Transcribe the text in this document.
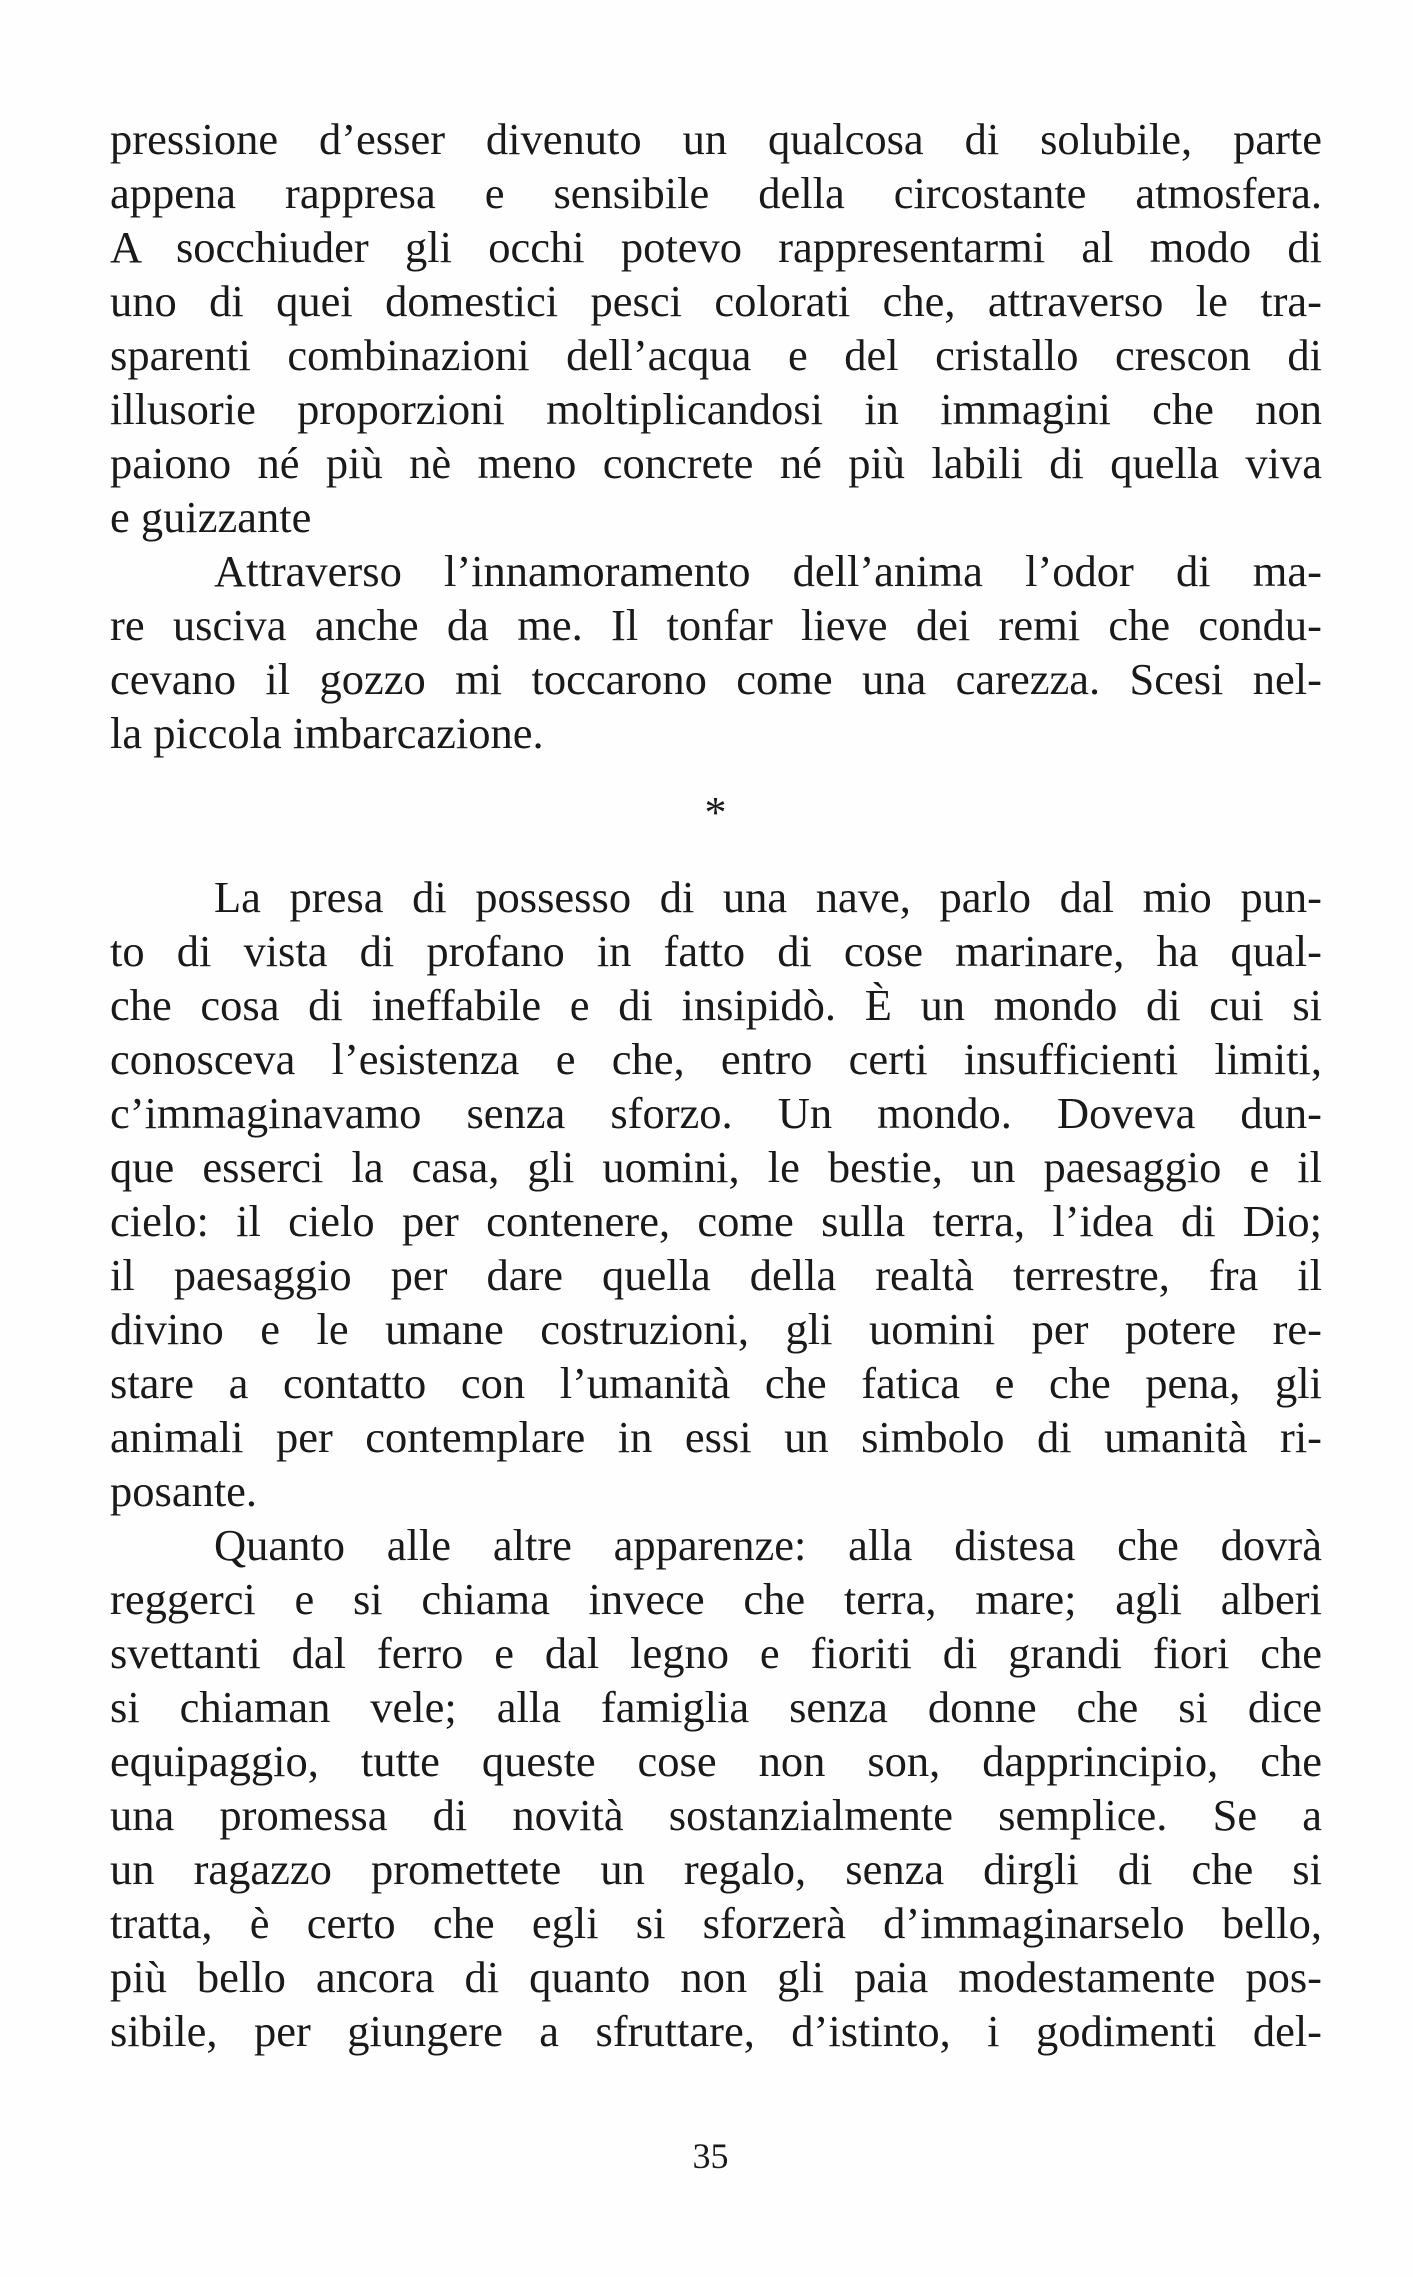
pressione d’esser divenuto un qualcosa di solubile, parte
appena rappresa e sensibile della circostante atmosfera.
A socchiuder gli occhi potevo rappresentarmi al modo di
uno di quei domestici pesci colorati che, attraverso le tra-
sparenti combinazioni dell’acqua e del cristallo crescon di
illusorie proporzioni moltiplicandosi in immagini che non
paiono né più nè meno concrete né più labili di quella viva
e guizzante
Attraverso l’innamoramento dell’anima l’odor di ma-
re usciva anche da me. Il tonfar lieve dei remi che condu-
cevano il gozzo mi toccarono come una carezza. Scesi nel-
la piccola imbarcazione.
*
La presa di possesso di una nave, parlo dal mio pun-
to di vista di profano in fatto di cose marinare, ha qual-
che cosa di ineffabile e di insipidò. È un mondo di cui si
conosceva l’esistenza e che, entro certi insufficienti limiti,
c’immaginavamo senza sforzo. Un mondo. Doveva dun-
que esserci la casa, gli uomini, le bestie, un paesaggio e il
cielo: il cielo per contenere, come sulla terra, l’idea di Dio;
il paesaggio per dare quella della realtà terrestre, fra il
divino e le umane costruzioni, gli uomini per potere re-
stare a contatto con l’umanità che fatica e che pena, gli
animali per contemplare in essi un simbolo di umanità ri-
posante.
Quanto alle altre apparenze: alla distesa che dovrà
reggerci e si chiama invece che terra, mare; agli alberi
svettanti dal ferro e dal legno e fioriti di grandi fiori che
si chiaman vele; alla famiglia senza donne che si dice
equipaggio, tutte queste cose non son, dapprincipio, che
una promessa di novità sostanzialmente semplice. Se a
un ragazzo promettete un regalo, senza dirgli di che si
tratta, è certo che egli si sforzerà d’immaginarselo bello,
più bello ancora di quanto non gli paia modestamente pos-
sibile, per giungere a sfruttare, d’istinto, i godimenti del-
35
